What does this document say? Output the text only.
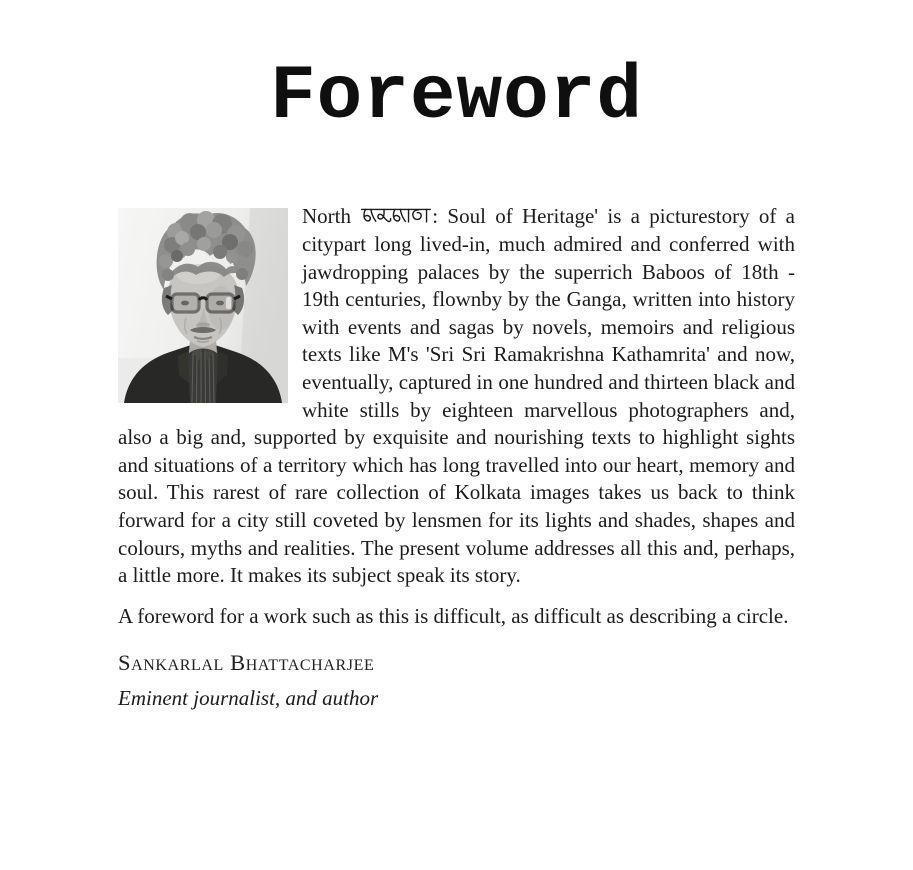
Foreword

North	: Soul of Heritage' is a picturestory of a citypart long lived-in, much admired and conferred with jawdropping palaces by the superrich Baboos of 18th - 19th centuries, flownby by the Ganga, written into history with events and sagas by novels, memoirs and religious texts like M's 'Sri Sri Ramakrishna Kathamrita' and now, eventually, captured in one hundred and thirteen black and white stills by eighteen marvellous photographers and, also a big and, supported by exquisite and nourishing texts to highlight sights and situations of a territory which has long travelled into our heart, memory and soul. This rarest of rare collection of Kolkata images takes us back to think forward for a city still coveted by lensmen for its lights and shades, shapes and colours, myths and realities. The present volume addresses all this and, perhaps, a little more. It makes its subject speak its story.

A foreword for a work such as this is difficult, as difficult as describing a circle.

Sankarlal Bhattacharjee
Eminent journalist, and author
